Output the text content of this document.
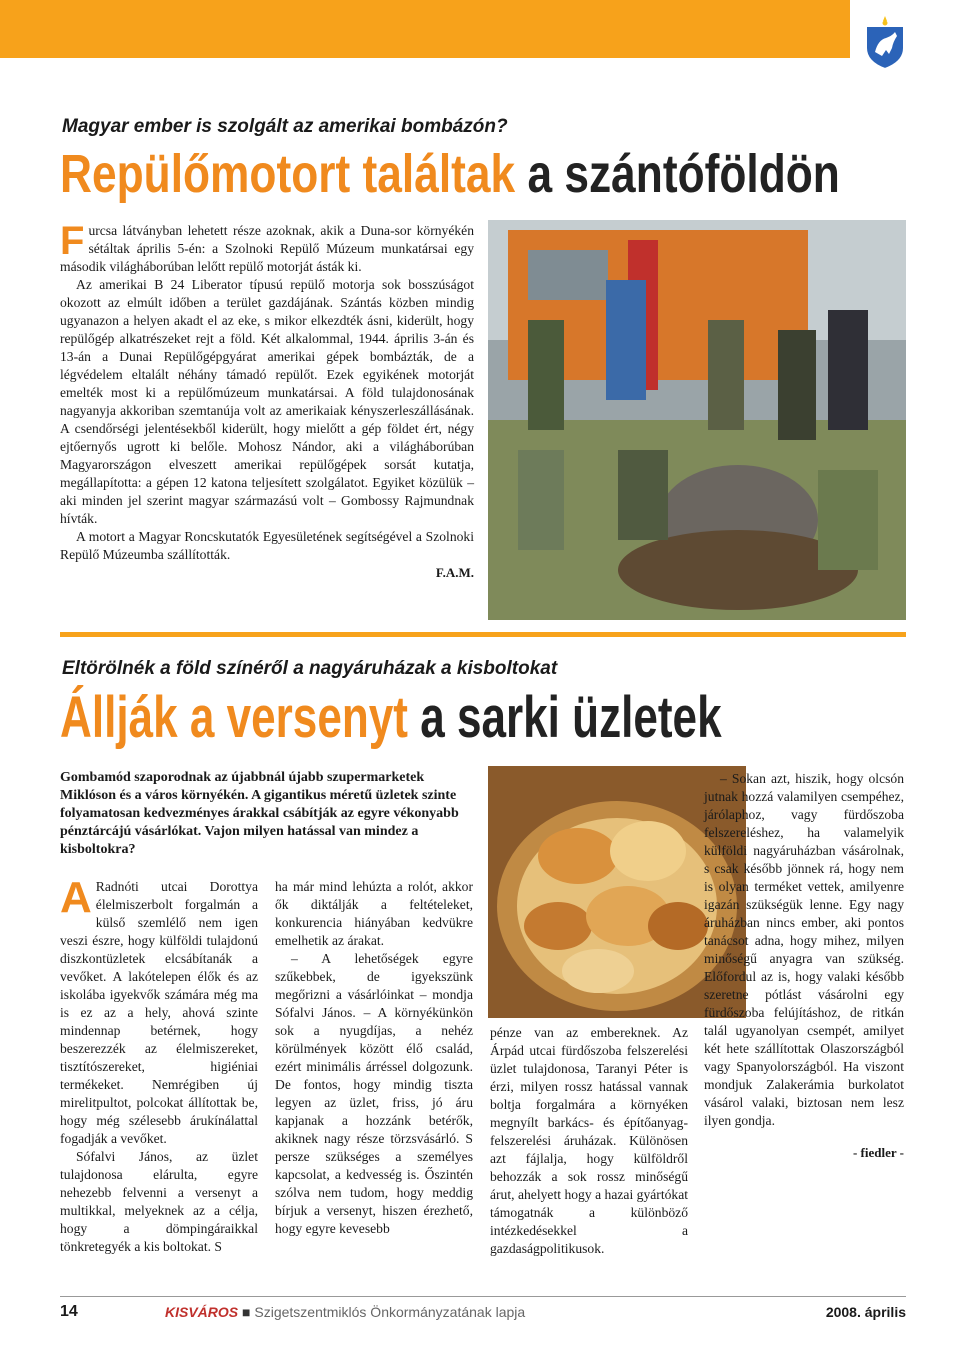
Magyar ember is szolgált az amerikai bombázón?
Repülőmotort találtak a szántóföldön

Furcsa látványban lehetett része azoknak, akik a Duna-sor környékén sétáltak április 5-én: a Szolnoki Repülő Múzeum munkatársai egy második világháborúban lelőtt repülő motorját ásták ki.

Az amerikai B 24 Liberator típusú repülő motorja sok bosszúságot okozott az elmúlt időben a terület gazdájának. Szántás közben mindig ugyanazon a helyen akadt el az eke, s mikor elkezdték ásni, kiderült, hogy repülőgép alkatrészeket rejt a föld. Két alkalommal, 1944. április 3-án és 13-án a Dunai Repülőgépgyárat amerikai gépek bombázták, de a légvédelem eltalált néhány támadó repülőt. Ezek egyikének motorját emelték most ki a repülőmúzeum munkatársai. A föld tulajdonosának nagyanyja akkoriban szemtanúja volt az amerikaiak kényszerleszállásának. A csendőrségi jelentésekből kiderült, hogy mielőtt a gép földet ért, négy ejtőernyős ugrott ki belőle. Mohosz Nándor, aki a világháborúban Magyarországon elveszett amerikai repülőgépek sorsát kutatja, megállapította: a gépen 12 katona teljesített szolgálatot. Egyiket közülük – aki minden jel szerint magyar származású volt – Gombossy Rajmundnak hívták.

A motort a Magyar Roncskutatók Egyesületének segítségével a Szolnoki Repülő Múzeumba szállították.

F.A.M.
Eltörölnék a föld színéről a nagyáruházak a kisboltokat
Állják a versenyt a sarki üzletek
Gombamód szaporodnak az újabbnál újabb szupermarketek Miklóson és a város környékén. A gigantikus méretű üzletek szinte folyamatosan kedvezményes árakkal csábítják az egyre vékonyabb pénztárcájú vásárlókat. Vajon milyen hatással van mindez a kisboltokra?

A Radnóti utcai Dorottya élelmiszerbolt forgalmán a külső szemlélő nem igen veszi észre, hogy külföldi tulajdonú diszkontüzletek elcsábítanák a vevőket. A lakótelepen élők és az iskolába igyekvők számára még ma is ez az a hely, ahová szinte mindennap betérnek, hogy beszerezzék az élelmiszereket, tisztítószereket, higiéniai termékeket. Nemrégiben új mirelitpultot, polcokat állítottak be, hogy még szélesebb árukínálattal fogadják a vevőket.

Sófalvi János, az üzlet tulajdonosa elárulta, egyre nehezebb felvenni a versenyt a multikkal, melyeknek az a célja, hogy a dömpingáraikkal tönkretegyék a kis boltokat. S

ha már mind lehúzta a rolót, akkor ők diktálják a feltételeket, konkurencia hiányában kedvükre emelhetik az árakat.

– A lehetőségek egyre szűkebbek, de igyekszünk megőrizni a vásárlóinkat – mondja Sófalvi János. – A környékünkön sok a nyugdíjas, a nehéz körülmények között élő család, ezért minimális árréssel dolgozunk. De fontos, hogy mindig tiszta legyen az üzlet, friss, jó áru kapjanak a hozzánk betérők, akiknek nagy része törzsvásárló. S persze szükséges a személyes kapcsolat, a kedvesség is. Őszintén szólva nem tudom, hogy meddig bírjuk a versenyt, hiszen érezhető, hogy egyre kevesebb

pénze van az embereknek. Az Árpád utcai fürdőszoba felszerelési üzlet tulajdonosa, Taranyi Péter is érzi, milyen rossz hatással vannak boltja forgalmára a környéken megnyílt barkács- és építőanyag-felszerelési áruházak. Különösen azt fájlalja, hogy külföldről behozzák a sok rossz minőségű árut, ahelyett hogy a hazai gyártókat támogatnák a különböző intézkedésekkel a gazdaságpolitikusok.

– Sokan azt, hiszik, hogy olcsón jutnak hozzá valamilyen csempéhez, járólaphoz, vagy fürdőszoba felszereléshez, ha valamelyik külföldi nagyáruházban vásárolnak, s csak később jönnek rá, hogy nem is olyan terméket vettek, amilyenre igazán szükségük lenne. Egy nagy áruházban nincs ember, aki pontos tanácsot adna, hogy mihez, milyen minőségű anyagra van szükség. Előfordul az is, hogy valaki később szeretne pótlást vásárolni egy fürdőszoba felújításhoz, de ritkán talál ugyanolyan csempét, amilyet két hete szállítottak Olaszországból vagy Spanyolországból. Ha viszont mondjuk Zalakerámia burkolatot vásárol valaki, biztosan nem lesz ilyen gondja.

- fiedler -
14	KISVÁROS ■ Szigetszentmiklós Önkormányzatának lapja	2008. április
